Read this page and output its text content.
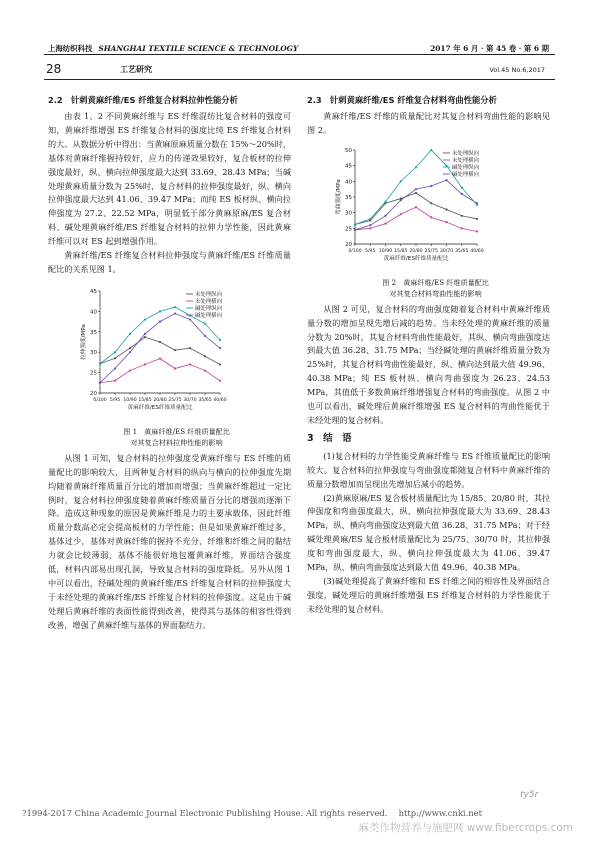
上海纺织科技 SHANGHAI TEXTILE SCIENCE & TECHNOLOGY	2017 年 6 月 · 第 45 卷 · 第 6 期
28	工艺研究	Vol.45 No.6,2017
2.2　针刺黄麻纤维/ES 纤维复合材料拉伸性能分析

由表 1、2 不同黄麻纤维与 ES 纤维混纺比复合材料的强度可知，黄麻纤维增强 ES 纤维复合材料的强度比纯 ES 纤维复合材料的大。从数据分析中得出：当黄麻原麻质量分数在 15%～20%时，基体对黄麻纤维握持较好，应力的传递效果较好，复合板材的拉伸强度最好，纵、横向拉伸强度最大达到 33.69、28.43 MPa；当碱处理黄麻质量分数为 25%时，复合材料的拉伸强度最好，纵、横向拉伸强度最大达到 41.06、39.47 MPa；而纯 ES 板材纵、横向拉伸强度为 27.2、22.52 MPa，明显低于部分黄麻原麻/ES 复合材料、碱处理黄麻纤维/ES 纤维复合材料的拉伸力学性能，因此黄麻纤维可以对 ES 起到增强作用。

黄麻纤维/ES 纤维复合材料拉伸强度与黄麻纤维/ES 纤维质量配比的关系见图 1。

20
25
30
35
40
45
0/100 5/95 10/90 15/85 20/80 25/75 30/70 35/65 40/60
黄麻纤维/ES纤维质量配比
拉伸强度/MPa
未处理纵向
未处理横向
碱处理纵向
碱处理横向

图 1　黄麻纤维/ES 纤维质量配比

对其复合材料拉伸性能的影响

从图 1 可知，复合材料的拉伸强度受黄麻纤维与 ES 纤维的质量配比的影响较大，且两种复合材料的纵向与横向的拉伸强度先期均随着黄麻纤维质量百分比的增加而增强；当黄麻纤维超过一定比例时，复合材料拉伸强度随着黄麻纤维质量百分比的增强而逐渐下降。造成这种现象的原因是黄麻纤维是力的主要承载体，因此纤维质量分数高必定会提高板材的力学性能；但是如果黄麻纤维过多，基体过少，基体对黄麻纤维的握持不充分，纤维和纤维之间的黏结力就会比较薄弱，基体不能很好地包覆黄麻纤维，界面结合强度低，材料内部易出现孔洞，导致复合材料的强度降低。另外从图 1 中可以看出，经碱处理的黄麻纤维/ES 纤维复合材料的拉伸强度大于未经处理的黄麻纤维/ES 纤维复合材料的拉伸强度。这是由于碱处理后黄麻纤维的表面性能得到改善，使得其与基体的相容性得到改善，增强了黄麻纤维与基体的界面黏结力。

2.3　针刺黄麻纤维/ES 纤维复合材料弯曲性能分析

黄麻纤维/ES 纤维的质量配比对其复合材料弯曲性能的影响见图 2。

20
25
30
35
40
45
50
0/100 5/95 10/90 15/85 20/80 25/75 30/70 35/65 40/60
黄麻纤维/ES纤维质量配比
弯曲强度/MPa
未处理纵向
未处理横向
碱处理纵向
碱处理横向

图 2　黄麻纤维/ES 纤维质量配比

对其复合材料弯曲性能的影响

从图 2 可见，复合材料的弯曲强度随着复合材料中黄麻纤维质量分数的增加呈现先增后减的趋势。当未经处理的黄麻纤维的质量分数为 20%时，其复合材料弯曲性能最好，其纵、横向弯曲强度达到最大值 36.28、31.75 MPa；当经碱处理的黄麻纤维质量分数为 25%时，其复合材料弯曲性能最好，纵、横向达到最大值 49.96、40.38 MPa；纯 ES 板材纵、横向弯曲强度为 26.23、24.53 MPa，其值低于多数黄麻纤维增强复合材料的弯曲强度。从图 2 中也可以看出，碱处理后黄麻纤维增强 ES 复合材料的弯曲性能优于未经处理的复合材料。

3　结　语

(1)复合材料的力学性能受黄麻纤维与 ES 纤维质量配比的影响较大。复合材料的拉伸强度与弯曲强度都随复合材料中黄麻纤维的质量分数增加而呈现出先增加后减小的趋势。

(2)黄麻原麻/ES 复合板材质量配比为 15/85、20/80 时，其拉伸强度和弯曲强度最大，纵、横向拉伸强度最大为 33.69、28.43 MPa，纵、横向弯曲强度达到最大值 36.28、31.75 MPa；对于经碱处理黄麻/ES 复合板材质量配比为 25/75、30/70 时，其拉伸强度和弯曲强度最大，纵、横向拉伸强度最大为 41.06、39.47 MPa，纵、横向弯曲强度达到最大值 49.96、40.38 MPa。

(3)碱处理提高了黄麻纤维和 ES 纤维之间的相容性及界面结合强度，碱处理后的黄麻纤维增强 ES 纤维复合材料的力学性能优于未经处理的复合材料。

ty5r
?1994-2017 China Academic Journal Electronic Publishing House. All rights reserved.　 http://www.cnki.net
麻类作物营养与施肥网 www.fibercrops.com
